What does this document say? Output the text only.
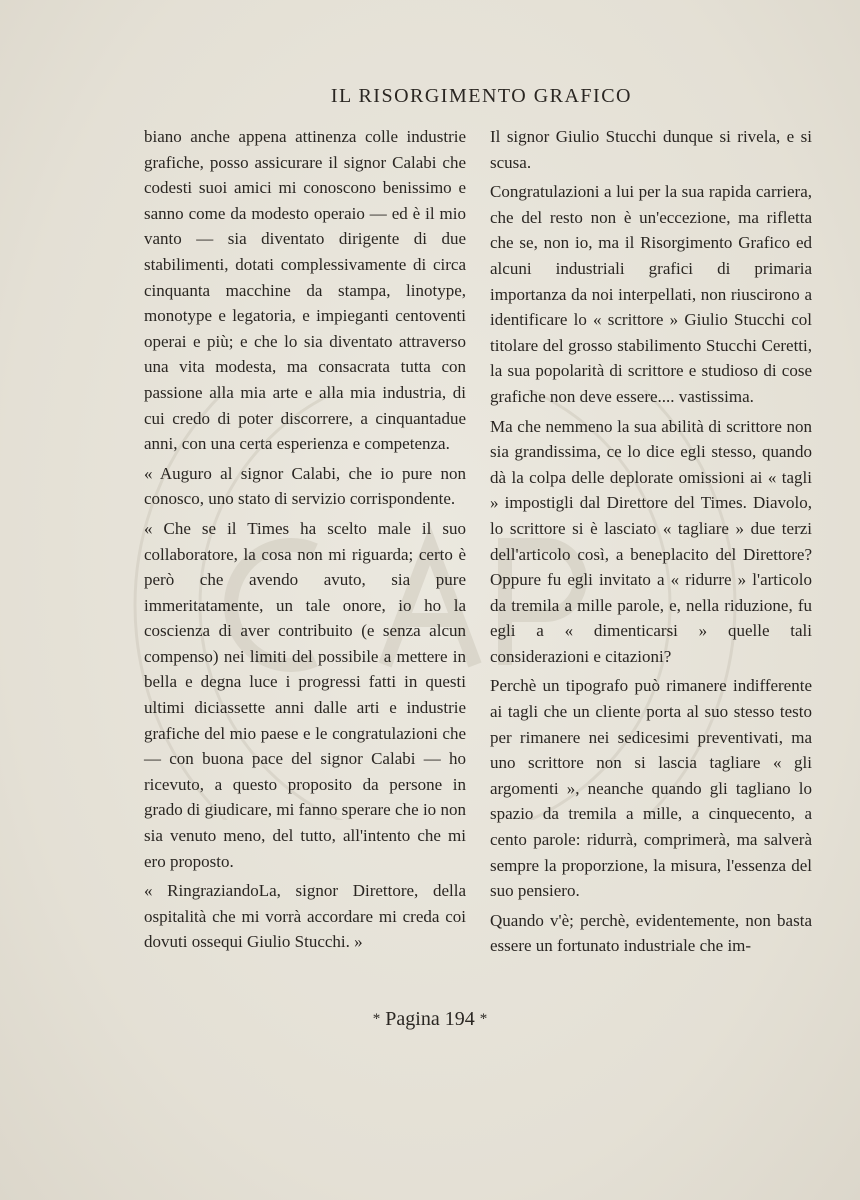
IL RISORGIMENTO GRAFICO

biano anche appena attinenza colle industrie grafiche, posso assicurare il signor Calabi che codesti suoi amici mi conoscono benissimo e sanno come da modesto operaio — ed è il mio vanto — sia diventato dirigente di due stabilimenti, dotati complessivamente di circa cinquanta macchine da stampa, linotype, monotype e legatoria, e impieganti centoventi operai e più; e che lo sia diventato attraverso una vita modesta, ma consacrata tutta con passione alla mia arte e alla mia industria, di cui credo di poter discorrere, a cinquantadue anni, con una certa esperienza e competenza.

« Auguro al signor Calabi, che io pure non conosco, uno stato di servizio corrispondente.

« Che se il Times ha scelto male il suo collaboratore, la cosa non mi riguarda; certo è però che avendo avuto, sia pure immeritatamente, un tale onore, io ho la coscienza di aver contribuito (e senza alcun compenso) nei limiti del possibile a mettere in bella e degna luce i progressi fatti in questi ultimi diciassette anni dalle arti e industrie grafiche del mio paese e le congratulazioni che — con buona pace del signor Calabi — ho ricevuto, a questo proposito da persone in grado di giudicare, mi fanno sperare che io non sia venuto meno, del tutto, all'intento che mi ero proposto.

« RingraziandoLa, signor Direttore, della ospitalità che mi vorrà accordare mi creda coi dovuti ossequi Giulio Stucchi. »

Il signor Giulio Stucchi dunque si rivela, e si scusa.

Congratulazioni a lui per la sua rapida carriera, che del resto non è un'eccezione, ma rifletta che se, non io, ma il Risorgimento Grafico ed alcuni industriali grafici di primaria importanza da noi interpellati, non riuscirono a identificare lo « scrittore » Giulio Stucchi col titolare del grosso stabilimento Stucchi Ceretti, la sua popolarità di scrittore e studioso di cose grafiche non deve essere.... vastissima.

Ma che nemmeno la sua abilità di scrittore non sia grandissima, ce lo dice egli stesso, quando dà la colpa delle deplorate omissioni ai « tagli » impostigli dal Direttore del Times. Diavolo, lo scrittore si è lasciato « tagliare » due terzi dell'articolo così, a beneplacito del Direttore? Oppure fu egli invitato a « ridurre » l'articolo da tremila a mille parole, e, nella riduzione, fu egli a « dimenticarsi » quelle tali considerazioni e citazioni?

Perchè un tipografo può rimanere indifferente ai tagli che un cliente porta al suo stesso testo per rimanere nei sedicesimi preventivati, ma uno scrittore non si lascia tagliare « gli argomenti », neanche quando gli tagliano lo spazio da tremila a mille, a cinquecento, a cento parole: ridurrà, comprimerà, ma salverà sempre la proporzione, la misura, l'essenza del suo pensiero.

Quando v'è; perchè, evidentemente, non basta essere un fortunato industriale che im-

* Pagina 194 *
